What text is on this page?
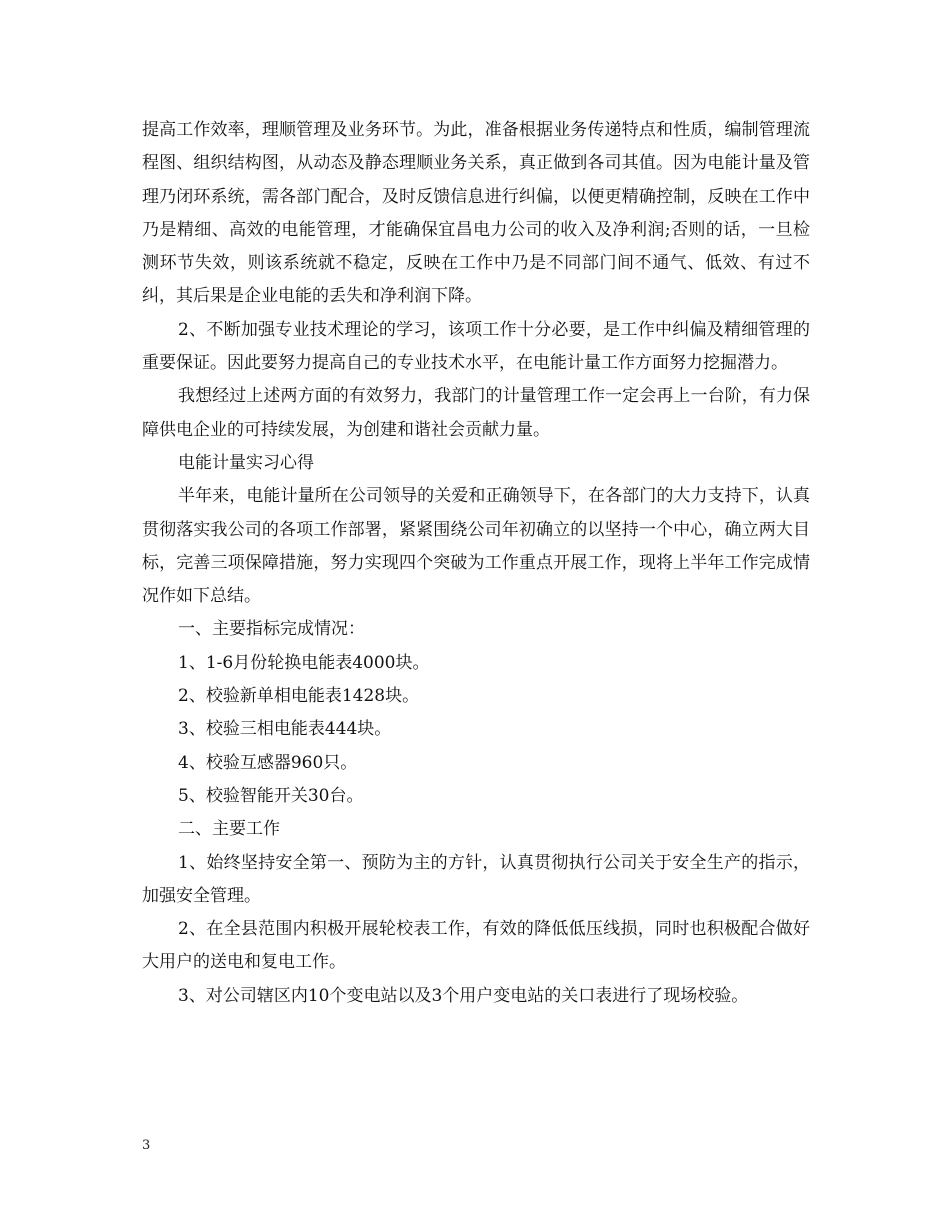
提高工作效率，理顺管理及业务环节。为此，准备根据业务传递特点和性质，编制管理流程图、组织结构图，从动态及静态理顺业务关系，真正做到各司其值。因为电能计量及管理乃闭环系统，需各部门配合，及时反馈信息进行纠偏，以便更精确控制，反映在工作中乃是精细、高效的电能管理，才能确保宜昌电力公司的收入及净利润;否则的话，一旦检测环节失效，则该系统就不稳定，反映在工作中乃是不同部门间不通气、低效、有过不纠，其后果是企业电能的丢失和净利润下降。

2、不断加强专业技术理论的学习，该项工作十分必要，是工作中纠偏及精细管理的重要保证。因此要努力提高自己的专业技术水平，在电能计量工作方面努力挖掘潜力。

我想经过上述两方面的有效努力，我部门的计量管理工作一定会再上一台阶，有力保障供电企业的可持续发展，为创建和谐社会贡献力量。

电能计量实习心得

半年来，电能计量所在公司领导的关爱和正确领导下，在各部门的大力支持下，认真贯彻落实我公司的各项工作部署，紧紧围绕公司年初确立的以坚持一个中心，确立两大目标，完善三项保障措施，努力实现四个突破为工作重点开展工作，现将上半年工作完成情况作如下总结。

一、主要指标完成情况：

1、1-6月份轮换电能表4000块。

2、校验新单相电能表1428块。

3、校验三相电能表444块。

4、校验互感器960只。

5、校验智能开关30台。

二、主要工作

1、始终坚持安全第一、预防为主的方针，认真贯彻执行公司关于安全生产的指示，加强安全管理。

2、在全县范围内积极开展轮校表工作，有效的降低低压线损，同时也积极配合做好大用户的送电和复电工作。

3、对公司辖区内10个变电站以及3个用户变电站的关口表进行了现场校验。

3
